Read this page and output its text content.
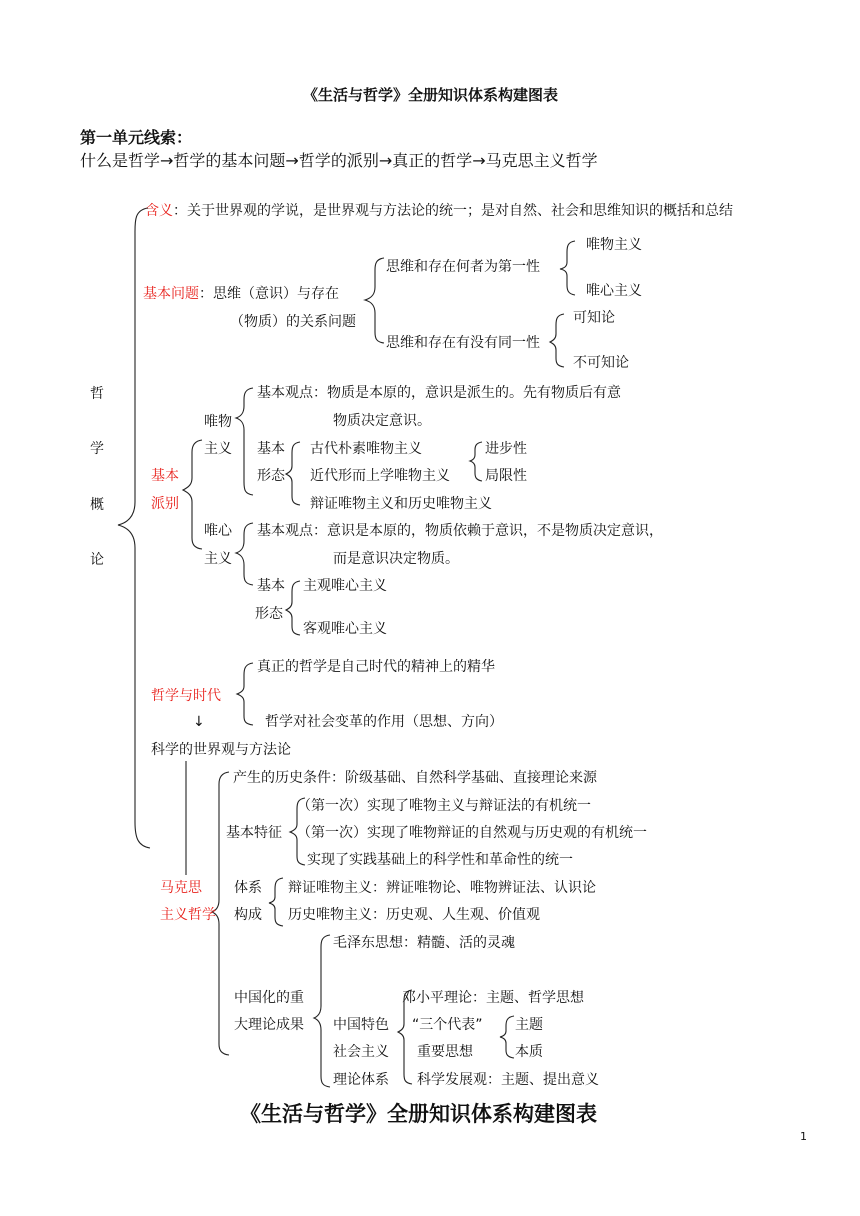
《生活与哲学》全册知识体系构建图表
第一单元线索：
什么是哲学→哲学的基本问题→哲学的派别→真正的哲学→马克思主义哲学
哲
学
概
论
含义：关于世界观的学说，是世界观与方法论的统一；是对自然、社会和思维知识的概括和总结
基本问题：思维（意识）与存在
（物质）的关系问题
思维和存在何者为第一性
唯物主义
唯心主义
思维和存在有没有同一性
可知论
不可知论
基本
派别
唯物
主义
基本观点：物质是本原的，意识是派生的。先有物质后有意
物质决定意识。
基本
形态
古代朴素唯物主义
近代形而上学唯物主义
辩证唯物主义和历史唯物主义
进步性
局限性
唯心
主义
基本观点：意识是本原的，物质依赖于意识，不是物质决定意识，
而是意识决定物质。
基本
形态
主观唯心主义
客观唯心主义
哲学与时代
真正的哲学是自己时代的精神上的精华
哲学对社会变革的作用（思想、方向）
↓
科学的世界观与方法论
马克思
主义哲学
产生的历史条件：阶级基础、自然科学基础、直接理论来源
基本特征
（第一次）实现了唯物主义与辩证法的有机统一
（第一次）实现了唯物辩证的自然观与历史观的有机统一
实现了实践基础上的科学性和革命性的统一
体系
构成
辩证唯物主义：辨证唯物论、唯物辨证法、认识论
历史唯物主义：历史观、人生观、价值观
中国化的重
大理论成果
毛泽东思想：精髓、活的灵魂
中国特色
社会主义
理论体系
邓小平理论：主题、哲学思想
“三个代表”
重要思想
主题
本质
科学发展观：主题、提出意义
《生活与哲学》全册知识体系构建图表
1
